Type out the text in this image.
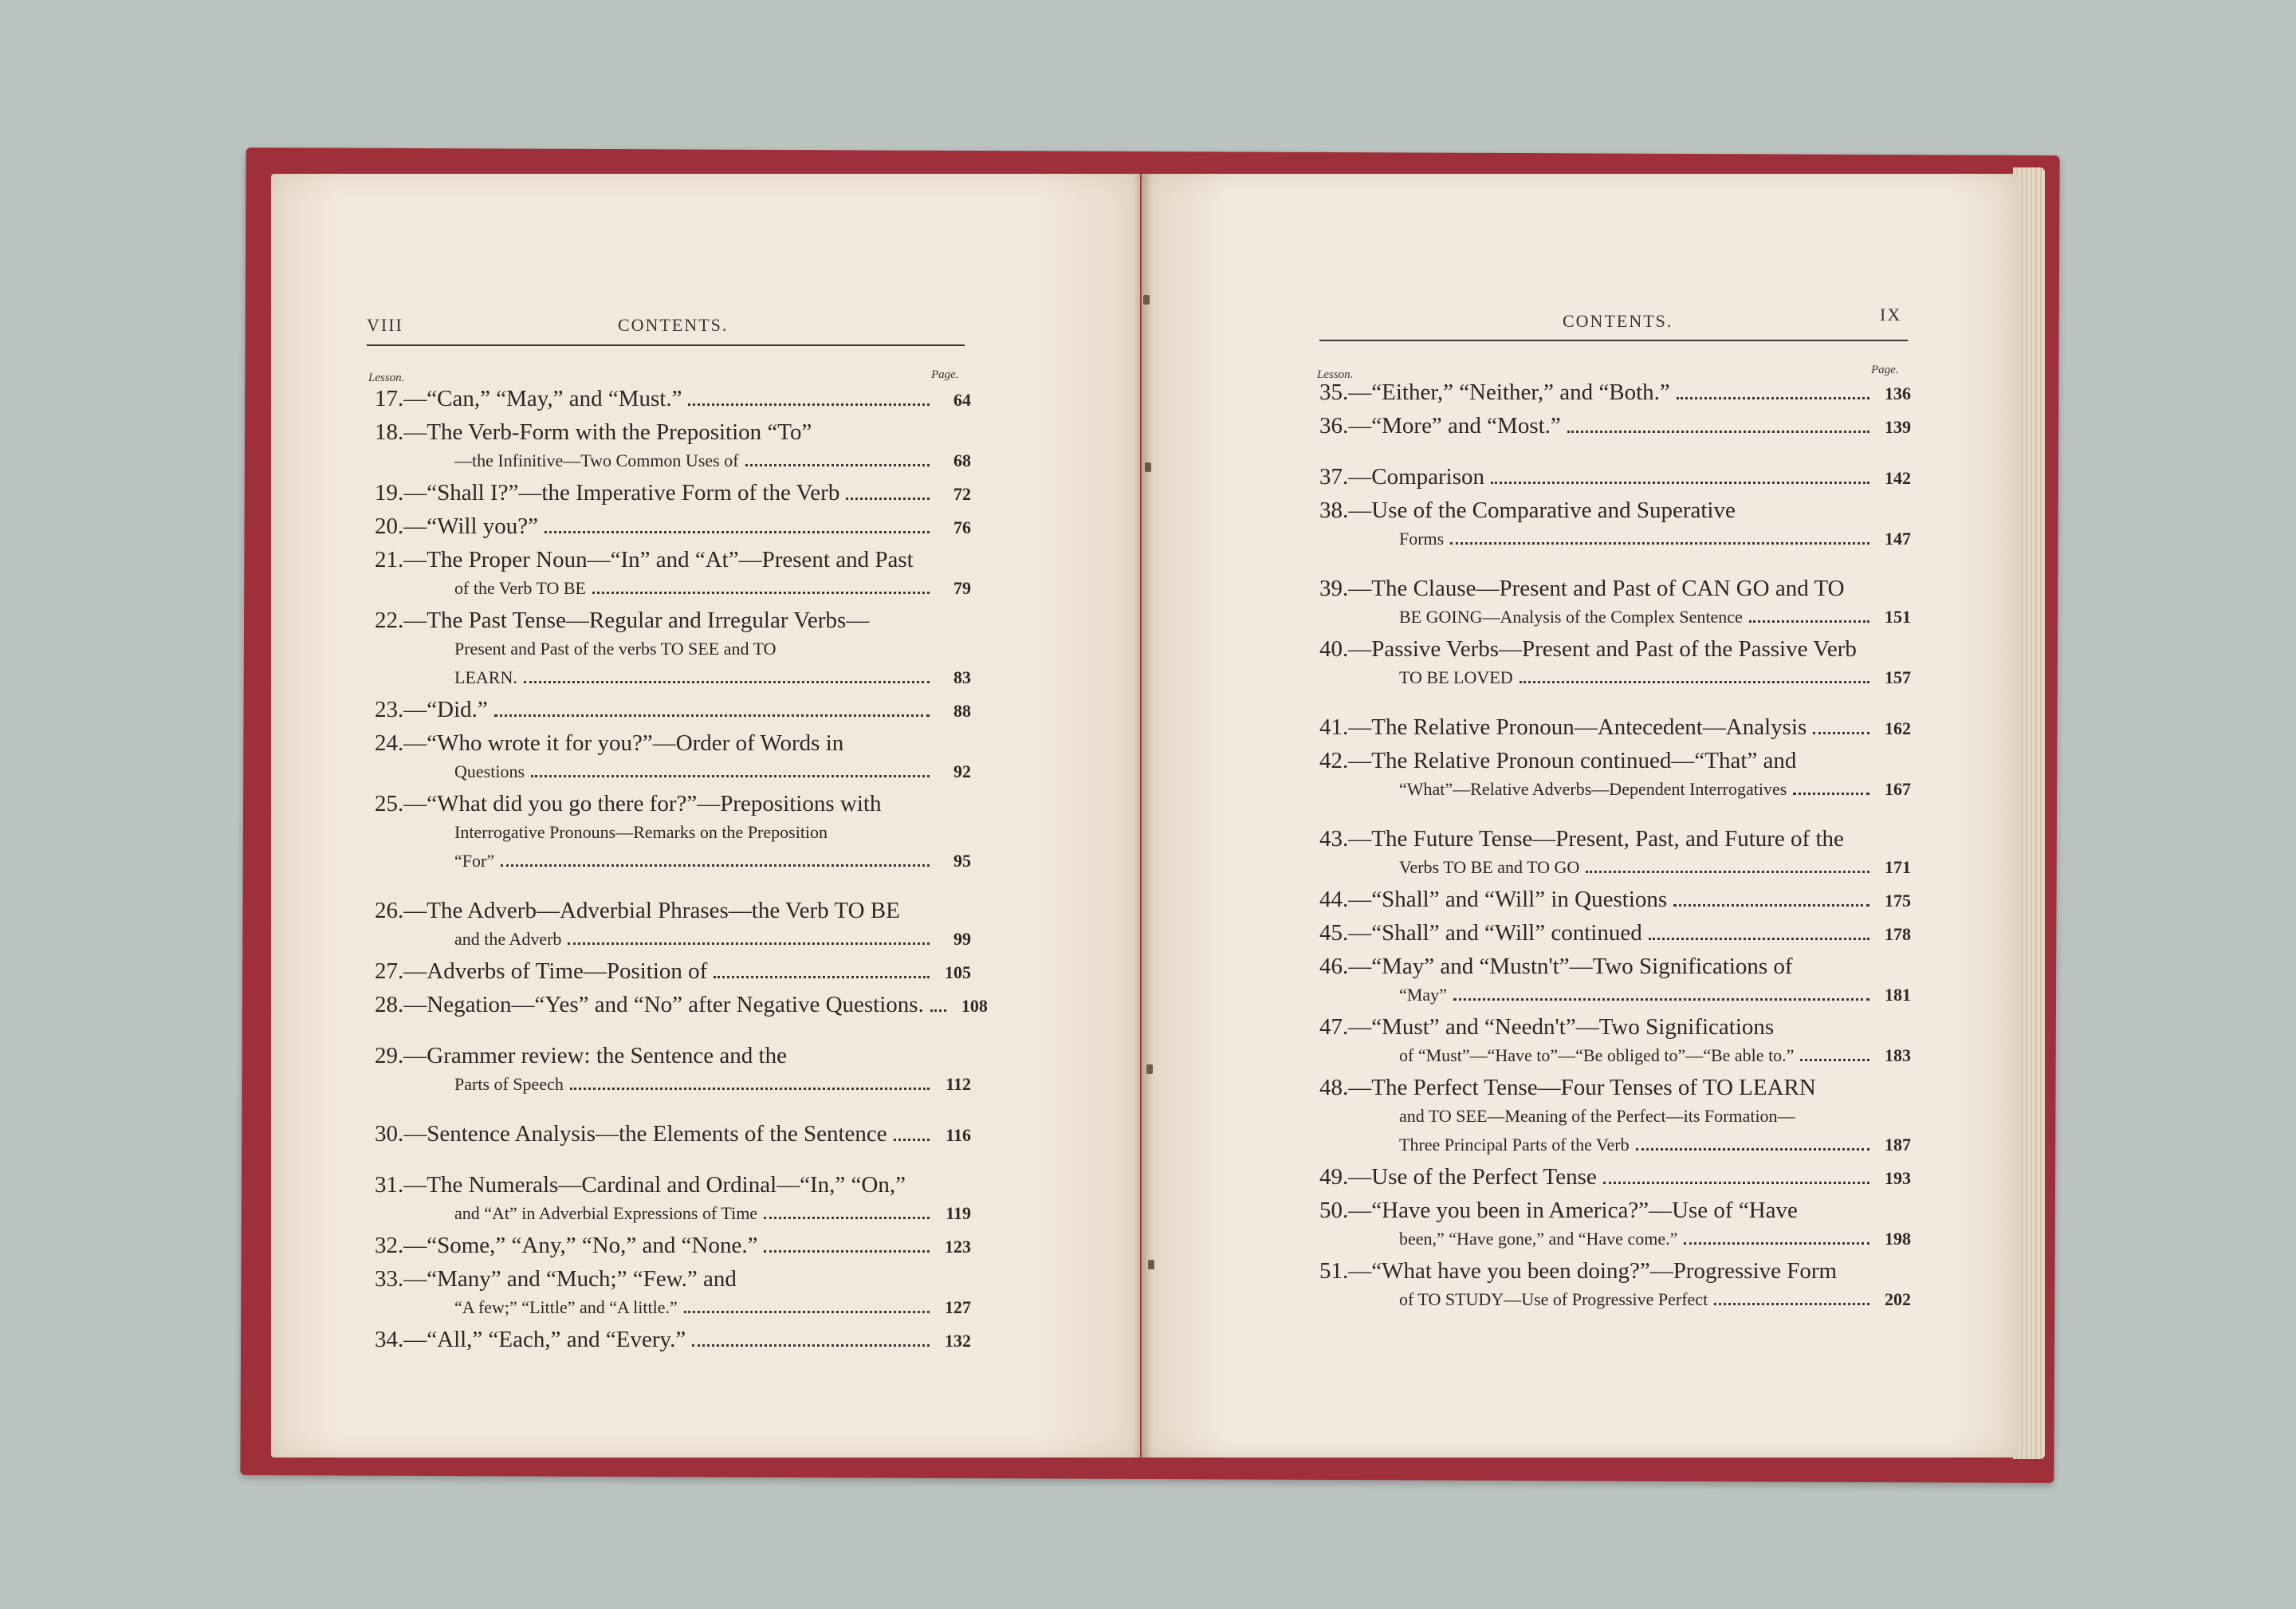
VIII	CONTENTS.
Lesson.	Page.
17.—“Can,” “May,” and “Must.”	64
18.—The Verb-Form with the Preposition “To”
—the Infinitive—Two Common Uses of	68
19.—“Shall I?”—the Imperative Form of the Verb	72
20.—“Will you?”	76
21.—The Proper Noun—“In” and “At”—Present and Past
of the Verb TO BE	79
22.—The Past Tense—Regular and Irregular Verbs—
Present and Past of the verbs TO SEE and TO
LEARN.	83
23.—“Did.”	88
24.—“Who wrote it for you?”—Order of Words in
Questions	92
25.—“What did you go there for?”—Prepositions with
Interrogative Pronouns—Remarks on the Preposition
“For”	95
26.—The Adverb—Adverbial Phrases—the Verb TO BE
and the Adverb	99
27.—Adverbs of Time—Position of	105
28.—Negation—“Yes” and “No” after Negative Questions.	108
29.—Grammer review: the Sentence and the
Parts of Speech	112
30.—Sentence Analysis—the Elements of the Sentence	116
31.—The Numerals—Cardinal and Ordinal—“In,” “On,”
and “At” in Adverbial Expressions of Time	119
32.—“Some,” “Any,” “No,” and “None.”	123
33.—“Many” and “Much;” “Few.” and
“A few;” “Little” and “A little.”	127
34.—“All,” “Each,” and “Every.”	132
CONTENTS.	IX
Lesson.	Page.
35.—“Either,” “Neither,” and “Both.”	136
36.—“More” and “Most.”	139
37.—Comparison	142
38.—Use of the Comparative and Superative
Forms	147
39.—The Clause—Present and Past of CAN GO and TO
BE GOING—Analysis of the Complex Sentence	151
40.—Passive Verbs—Present and Past of the Passive Verb
TO BE LOVED	157
41.—The Relative Pronoun—Antecedent—Analysis	162
42.—The Relative Pronoun continued—“That” and
“What”—Relative Adverbs—Dependent Interrogatives	167
43.—The Future Tense—Present, Past, and Future of the
Verbs TO BE and TO GO	171
44.—“Shall” and “Will” in Questions	175
45.—“Shall” and “Will” continued	178
46.—“May” and “Mustn't”—Two Significations of
“May”	181
47.—“Must” and “Needn't”—Two Significations
of “Must”—“Have to”—“Be obliged to”—“Be able to.”	183
48.—The Perfect Tense—Four Tenses of TO LEARN
and TO SEE—Meaning of the Perfect—its Formation—
Three Principal Parts of the Verb	187
49.—Use of the Perfect Tense	193
50.—“Have you been in America?”—Use of “Have
been,” “Have gone,” and “Have come.”	198
51.—“What have you been doing?”—Progressive Form
of TO STUDY—Use of Progressive Perfect	202
